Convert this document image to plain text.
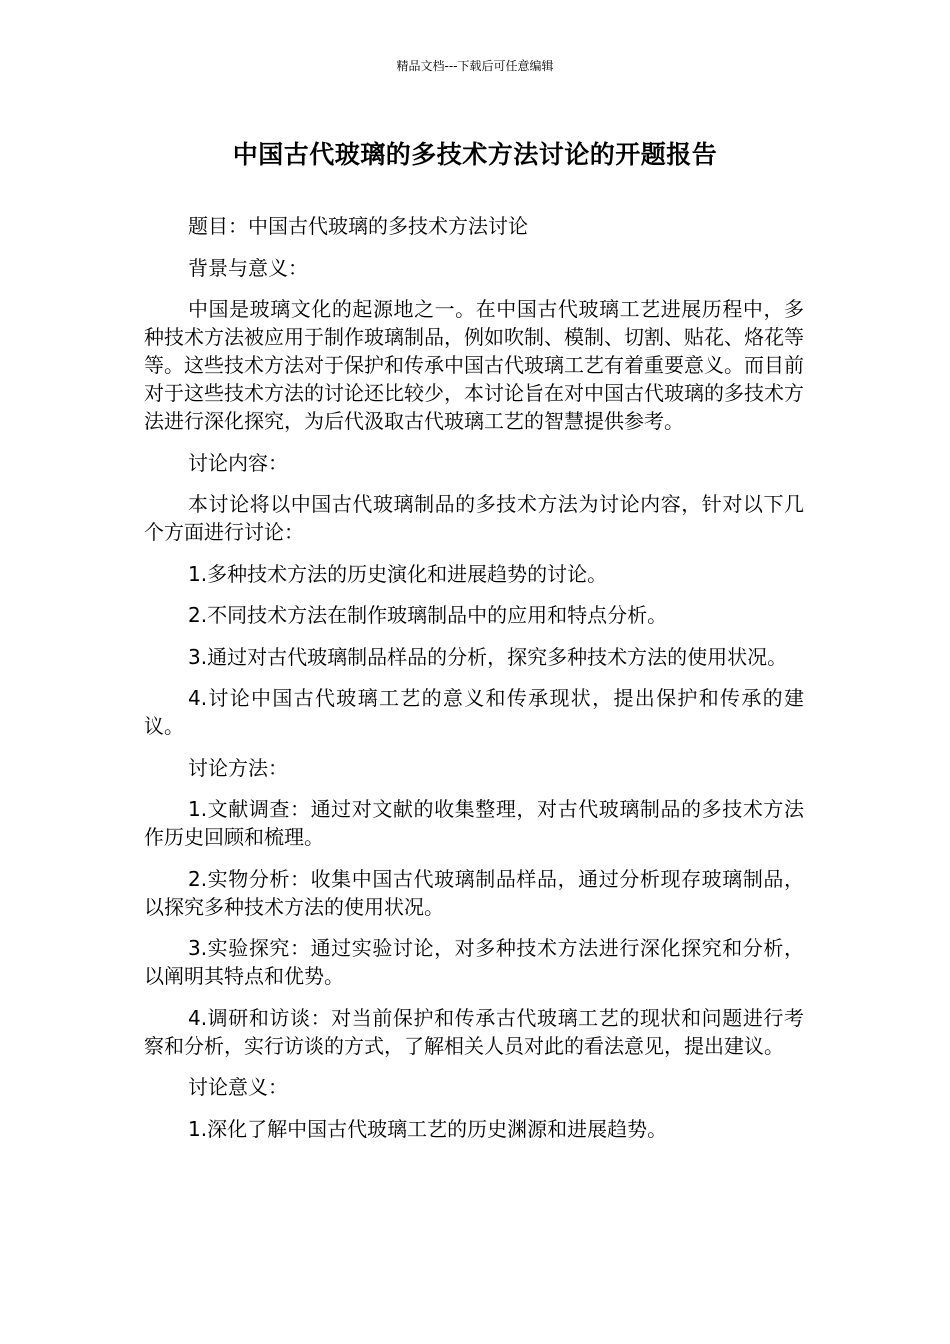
精品文档---下载后可任意编辑
中国古代玻璃的多技术方法讨论的开题报告

题目：中国古代玻璃的多技术方法讨论

背景与意义：

中国是玻璃文化的起源地之一。在中国古代玻璃工艺进展历程中，多种技术方法被应用于制作玻璃制品，例如吹制、模制、切割、贴花、烙花等等。这些技术方法对于保护和传承中国古代玻璃工艺有着重要意义。而目前对于这些技术方法的讨论还比较少，本讨论旨在对中国古代玻璃的多技术方法进行深化探究，为后代汲取古代玻璃工艺的智慧提供参考。

讨论内容：

本讨论将以中国古代玻璃制品的多技术方法为讨论内容，针对以下几个方面进行讨论：

1.多种技术方法的历史演化和进展趋势的讨论。

2.不同技术方法在制作玻璃制品中的应用和特点分析。

3.通过对古代玻璃制品样品的分析，探究多种技术方法的使用状况。

4.讨论中国古代玻璃工艺的意义和传承现状，提出保护和传承的建议。

讨论方法：

1.文献调查：通过对文献的收集整理，对古代玻璃制品的多技术方法作历史回顾和梳理。

2.实物分析：收集中国古代玻璃制品样品，通过分析现存玻璃制品，以探究多种技术方法的使用状况。

3.实验探究：通过实验讨论，对多种技术方法进行深化探究和分析，以阐明其特点和优势。

4.调研和访谈：对当前保护和传承古代玻璃工艺的现状和问题进行考察和分析，实行访谈的方式，了解相关人员对此的看法意见，提出建议。

讨论意义：

1.深化了解中国古代玻璃工艺的历史渊源和进展趋势。
